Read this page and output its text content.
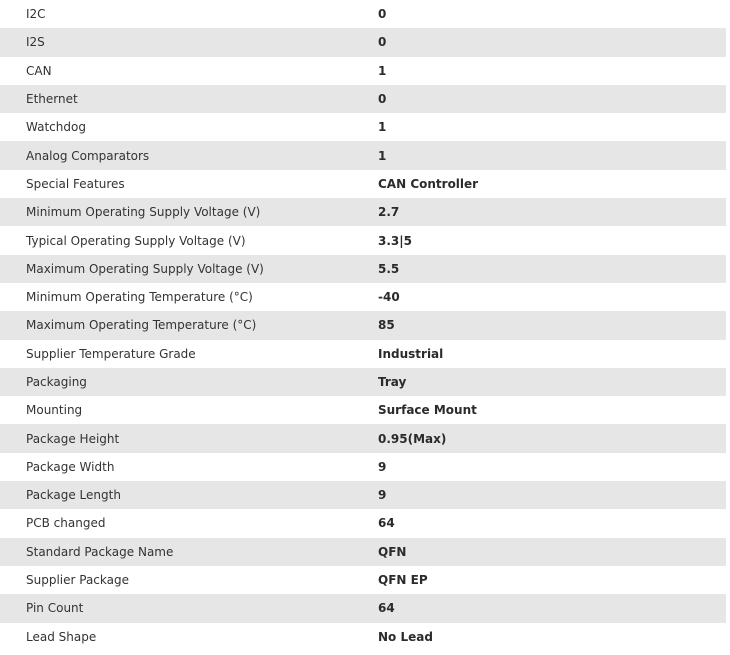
I2C	0
I2S	0
CAN	1
Ethernet	0
Watchdog	1
Analog Comparators	1
Special Features	CAN Controller
Minimum Operating Supply Voltage (V)	2.7
Typical Operating Supply Voltage (V)	3.3|5
Maximum Operating Supply Voltage (V)	5.5
Minimum Operating Temperature (°C)	-40
Maximum Operating Temperature (°C)	85
Supplier Temperature Grade	Industrial
Packaging	Tray
Mounting	Surface Mount
Package Height	0.95(Max)
Package Width	9
Package Length	9
PCB changed	64
Standard Package Name	QFN
Supplier Package	QFN EP
Pin Count	64
Lead Shape	No Lead
